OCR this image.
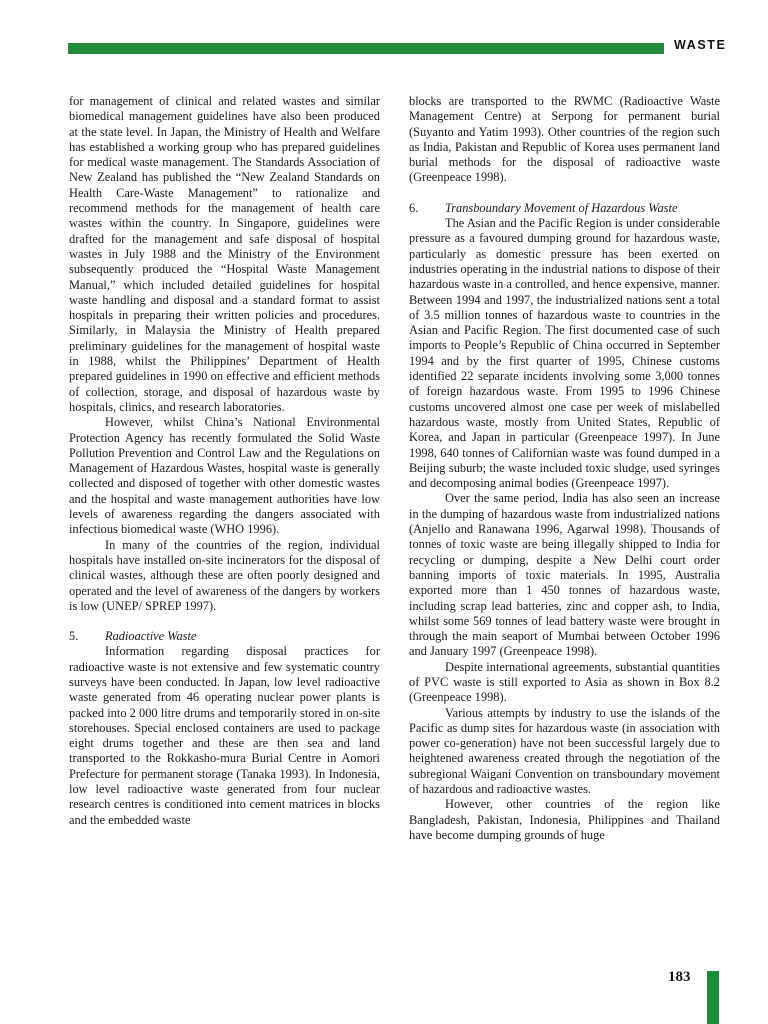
WASTE

for management of clinical and related wastes and similar biomedical management guidelines have also been produced at the state level. In Japan, the Ministry of Health and Welfare has established a working group who has prepared guidelines for medical waste management. The Standards Association of New Zealand has published the “New Zealand Standards on Health Care-Waste Management” to rationalize and recommend methods for the management of health care wastes within the country. In Singapore, guidelines were drafted for the management and safe disposal of hospital wastes in July 1988 and the Ministry of the Environment subsequently produced the “Hospital Waste Management Manual,” which included detailed guidelines for hospital waste handling and disposal and a standard format to assist hospitals in preparing their written policies and procedures. Similarly, in Malaysia the Ministry of Health prepared preliminary guidelines for the management of hospital waste in 1988, whilst the Philippines’ Department of Health prepared guidelines in 1990 on effective and efficient methods of collection, storage, and disposal of hazardous waste by hospitals, clinics, and research laboratories.

However, whilst China’s National Environmental Protection Agency has recently formulated the Solid Waste Pollution Prevention and Control Law and the Regulations on Management of Hazardous Wastes, hospital waste is generally collected and disposed of together with other domestic wastes and the hospital and waste management authorities have low levels of awareness regarding the dangers associated with infectious biomedical waste (WHO 1996).

In many of the countries of the region, individual hospitals have installed on-site incinerators for the disposal of clinical wastes, although these are often poorly designed and operated and the level of awareness of the dangers by workers is low (UNEP/ SPREP 1997).

5.	Radioactive Waste

Information regarding disposal practices for radioactive waste is not extensive and few systematic country surveys have been conducted. In Japan, low level radioactive waste generated from 46 operating nuclear power plants is packed into 2 000 litre drums and temporarily stored in on-site storehouses. Special enclosed containers are used to package eight drums together and these are then sea and land transported to the Rokkasho-mura Burial Centre in Aomori Prefecture for permanent storage (Tanaka 1993). In Indonesia, low level radioactive waste generated from four nuclear research centres is conditioned into cement matrices in blocks and the embedded waste

blocks are transported to the RWMC (Radioactive Waste Management Centre) at Serpong for permanent burial (Suyanto and Yatim 1993). Other countries of the region such as India, Pakistan and Republic of Korea uses permanent land burial methods for the disposal of radioactive waste (Greenpeace 1998).

6.	Transboundary Movement of Hazardous Waste

The Asian and the Pacific Region is under considerable pressure as a favoured dumping ground for hazardous waste, particularly as domestic pressure has been exerted on industries operating in the industrial nations to dispose of their hazardous waste in a controlled, and hence expensive, manner. Between 1994 and 1997, the industrialized nations sent a total of 3.5 million tonnes of hazardous waste to countries in the Asian and Pacific Region. The first documented case of such imports to People’s Republic of China occurred in September 1994 and by the first quarter of 1995, Chinese customs identified 22 separate incidents involving some 3,000 tonnes of foreign hazardous waste. From 1995 to 1996 Chinese customs uncovered almost one case per week of mislabelled hazardous waste, mostly from United States, Republic of Korea, and Japan in particular (Greenpeace 1997). In June 1998, 640 tonnes of Californian waste was found dumped in a Beijing suburb; the waste included toxic sludge, used syringes and decomposing animal bodies (Greenpeace 1997).

Over the same period, India has also seen an increase in the dumping of hazardous waste from industrialized nations (Anjello and Ranawana 1996, Agarwal 1998). Thousands of tonnes of toxic waste are being illegally shipped to India for recycling or dumping, despite a New Delhi court order banning imports of toxic materials. In 1995, Australia exported more than 1 450 tonnes of hazardous waste, including scrap lead batteries, zinc and copper ash, to India, whilst some 569 tonnes of lead battery waste were brought in through the main seaport of Mumbai between October 1996 and January 1997 (Greenpeace 1998).

Despite international agreements, substantial quantities of PVC waste is still exported to Asia as shown in Box 8.2 (Greenpeace 1998).

Various attempts by industry to use the islands of the Pacific as dump sites for hazardous waste (in association with power co-generation) have not been successful largely due to heightened awareness created through the negotiation of the subregional Waigani Convention on transboundary movement of hazardous and radioactive wastes.

However, other countries of the region like Bangladesh, Pakistan, Indonesia, Philippines and Thailand have become dumping grounds of huge

183
